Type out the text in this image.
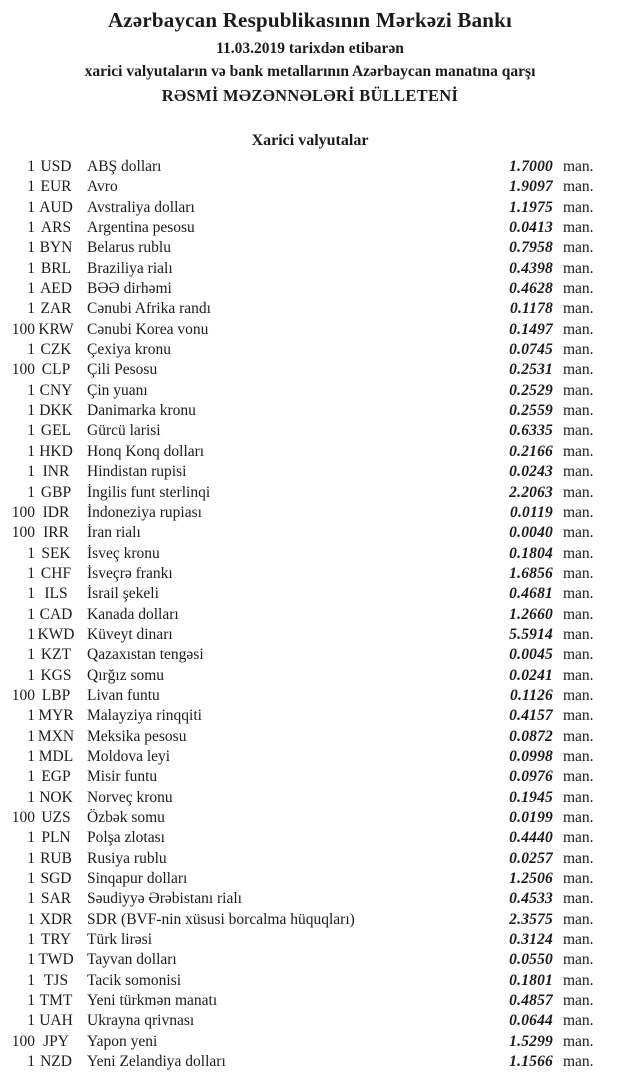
Azərbaycan Respublikasının Mərkəzi Bankı

11.03.2019 tarixdən etibarən

xarici valyutaların və bank metallarının Azərbaycan manatına qarşı

RƏSMİ MƏZƏNNƏLƏRİ BÜLLETENİ

Xarici valyutalar
1 USD ABŞ dolları	1.7000 man.
1 EUR Avro	1.9097 man.
1 AUD Avstraliya dolları	1.1975 man.
1 ARS Argentina pesosu	0.0413 man.
1 BYN Belarus rublu	0.7958 man.
1 BRL Braziliya rialı	0.4398 man.
1 AED BƏƏ dirhəmi	0.4628 man.
1 ZAR Cənubi Afrika randı	0.1178 man.
100 KRW Cənubi Korea vonu	0.1497 man.
1 CZK Çexiya kronu	0.0745 man.
100 CLP	Çili Pesosu	0.2531 man.
1 CNY Çin yuanı	0.2529 man.
1 DKK Danimarka kronu	0.2559 man.
1 GEL Gürcü larisi	0.6335 man.
1 HKD Honq Konq dolları	0.2166 man.
1 INR	Hindistan rupisi	0.0243 man.
1 GBP İngilis funt sterlinqi	2.2063 man.
100 IDR	İndoneziya rupiası	0.0119 man.
100 IRR	İran rialı	0.0040 man.
1 SEK İsveç kronu	0.1804 man.
1 CHF İsveçrə frankı	1.6856 man.
1 ILS	İsrail şekeli	0.4681 man.
1 CAD Kanada dolları	1.2660 man.
1 KWD Küveyt dinarı	5.5914 man.
1 KZT Qazaxıstan tengəsi	0.0045 man.
1 KGS Qırğız somu	0.0241 man.
100 LBP	Livan funtu	0.1126 man.
1 MYR Malayziya rinqqiti	0.4157 man.
1 MXN Meksika pesosu	0.0872 man.
1 MDL Moldova leyi	0.0998 man.
1 EGP Misir funtu	0.0976 man.
1 NOK Norveç kronu	0.1945 man.
100 UZS Özbək somu	0.0199 man.
1 PLN Polşa zlotası	0.4440 man.
1 RUB Rusiya rublu	0.0257 man.
1 SGD Sinqapur dolları	1.2506 man.
1 SAR Səudiyyə Ərəbistanı rialı	0.4533 man.
1 XDR SDR (BVF-nin xüsusi borcalma hüquqları)	2.3575 man.
1 TRY Türk lirəsi	0.3124 man.
1 TWD Tayvan dolları	0.0550 man.
1 TJS	Tacik somonisi	0.1801 man.
1 TMT Yeni türkmən manatı	0.4857 man.
1 UAH Ukrayna qrivnası	0.0644 man.
100 JPY	Yapon yeni	1.5299 man.
1 NZD Yeni Zelandiya dolları	1.1566 man.
